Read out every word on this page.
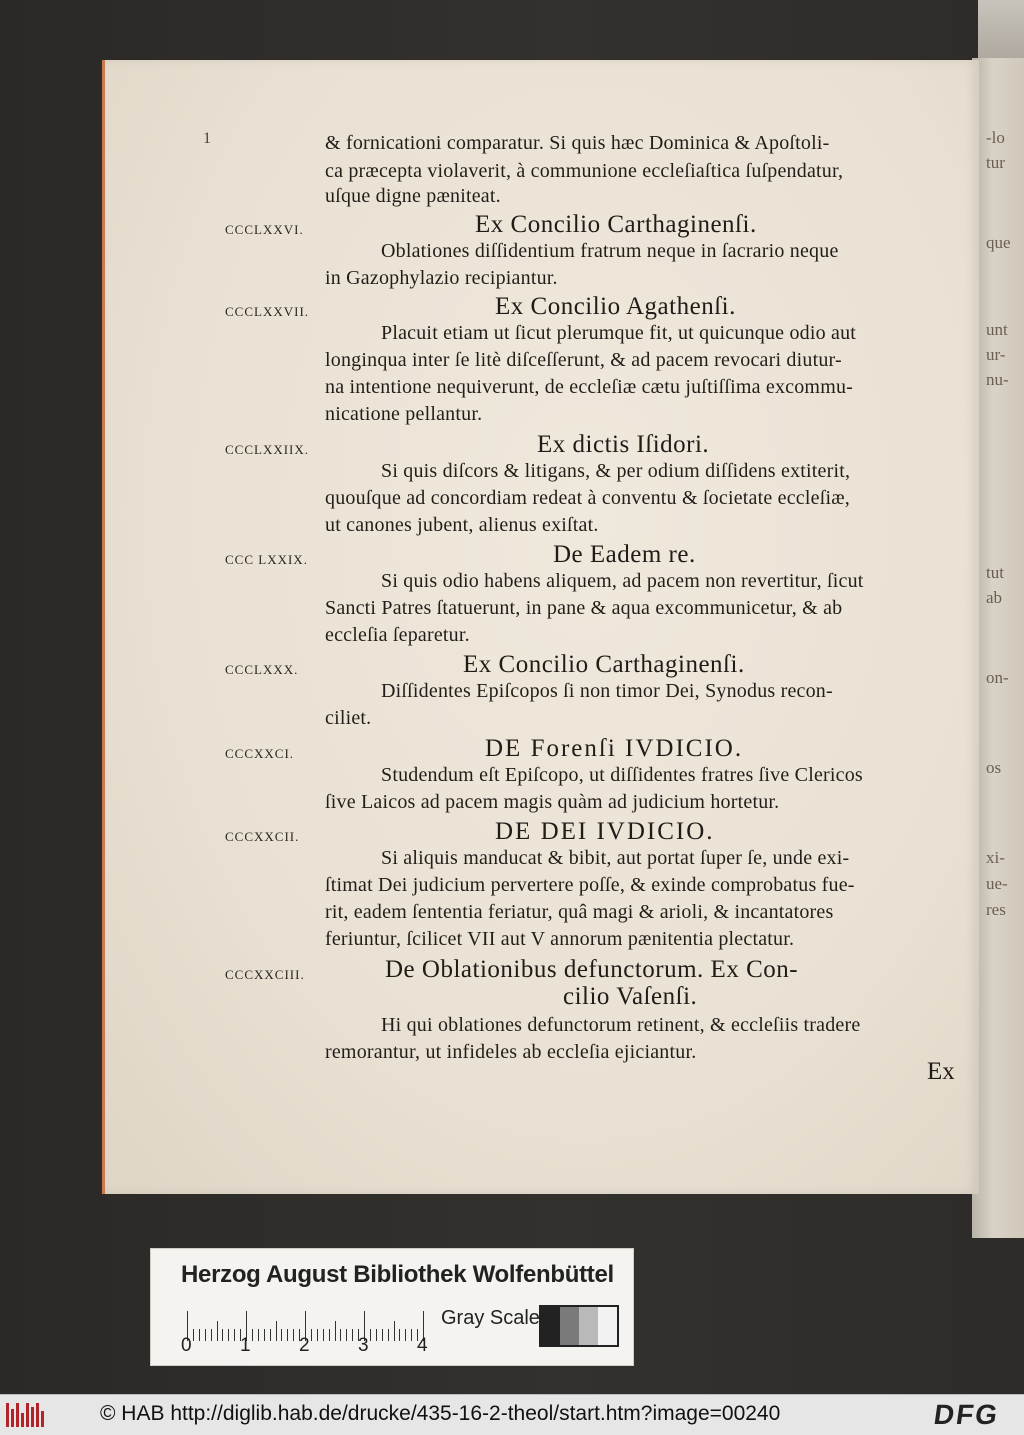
-lo
tur
que
unt
ur-
nu-
tut
ab
on-
os
xi-
ue-
res
1
Ex
& fornicationi comparatur. Si quis hæc Dominica & Apoſtoli-
ca præcepta violaverit, à communione eccleſiaſtica ſuſpendatur,
uſque digne pæniteat.
CCCLXXVI.	Ex Concilio Carthaginenſi.
Oblationes diſſidentium fratrum neque in ſacrario neque
in Gazophylazio recipiantur.
CCCLXXVII.	Ex Concilio Agathenſi.
Placuit etiam ut ſicut plerumque fit, ut quicunque odio aut
longinqua inter ſe litè diſceſſerunt, & ad pacem revocari diutur-
na intentione nequiverunt, de eccleſiæ cætu juſtiſſima excommu-
nicatione pellantur.
CCCLXXIIX.	Ex dictis Iſidori.
Si quis diſcors & litigans, & per odium diſſidens extiterit,
quouſque ad concordiam redeat à conventu & ſocietate eccleſiæ,
ut canones jubent, alienus exiſtat.
CCC LXXIX.	De Eadem re.
Si quis odio habens aliquem, ad pacem non revertitur, ſicut
Sancti Patres ſtatuerunt, in pane & aqua excommunicetur, & ab
eccleſia ſeparetur.
CCCLXXX.	Ex Concilio Carthaginenſi.
Diſſidentes Epiſcopos ſi non timor Dei, Synodus recon-
ciliet.
CCCXXCI.	DE Forenſi IVDICIO.
Studendum eſt Epiſcopo, ut diſſidentes fratres ſive Clericos
ſive Laicos ad pacem magis quàm ad judicium hortetur.
CCCXXCII.	DE DEI IVDICIO.
Si aliquis manducat & bibit, aut portat ſuper ſe, unde exi-
ſtimat Dei judicium pervertere poſſe, & exinde comprobatus fue-
rit, eadem ſententia feriatur, quâ magi & arioli, & incantatores
feriuntur, ſcilicet VII aut V annorum pænitentia plectatur.
CCCXXCIII.	De Oblationibus defunctorum. Ex Con-
cilio Vaſenſi.
Hi qui oblationes defunctorum retinent, & eccleſiis tradere
remorantur, ut infideles ab eccleſia ejiciantur.
Herzog August Bibliothek Wolfenbüttel
0	1	2	3	4
Gray Scale
© HAB http://diglib.hab.de/drucke/435-16-2-theol/start.htm?image=00240	DFG
